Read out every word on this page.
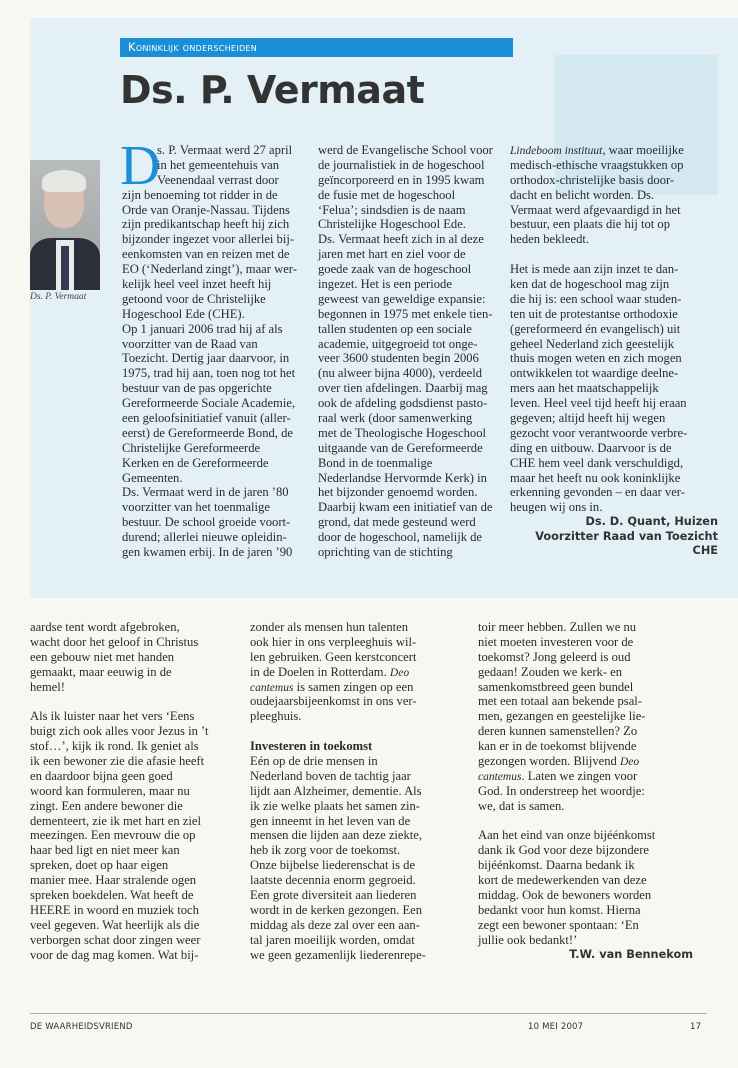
Koninklijk onderscheiden
Ds. P. Vermaat
Ds. P. Vermaat
D
s. P. Vermaat werd 27 april
in het gemeentehuis van
Veenendaal verrast door
zijn benoeming tot ridder in de
Orde van Oranje-Nassau. Tijdens
zijn predikantschap heeft hij zich
bijzonder ingezet voor allerlei bij-
eenkomsten van en reizen met de
EO (‘Nederland zingt’), maar wer-
kelijk heel veel inzet heeft hij
getoond voor de Christelijke
Hogeschool Ede (CHE).
Op 1 januari 2006 trad hij af als
voorzitter van de Raad van
Toezicht. Dertig jaar daarvoor, in
1975, trad hij aan, toen nog tot het
bestuur van de pas opgerichte
Gereformeerde Sociale Academie,
een geloofsinitiatief vanuit (aller-
eerst) de Gereformeerde Bond, de
Christelijke Gereformeerde
Kerken en de Gereformeerde
Gemeenten.
Ds. Vermaat werd in de jaren ’80
voorzitter van het toenmalige
bestuur. De school groeide voort-
durend; allerlei nieuwe opleidin-
gen kwamen erbij. In de jaren ’90
werd de Evangelische School voor
de journalistiek in de hogeschool
geïncorporeerd en in 1995 kwam
de fusie met de hogeschool
‘Felua’; sindsdien is de naam
Christelijke Hogeschool Ede.
Ds. Vermaat heeft zich in al deze
jaren met hart en ziel voor de
goede zaak van de hogeschool
ingezet. Het is een periode
geweest van geweldige expansie:
begonnen in 1975 met enkele tien-
tallen studenten op een sociale
academie, uitgegroeid tot onge-
veer 3600 studenten begin 2006
(nu alweer bijna 4000), verdeeld
over tien afdelingen. Daarbij mag
ook de afdeling godsdienst pasto-
raal werk (door samenwerking
met de Theologische Hogeschool
uitgaande van de Gereformeerde
Bond in de toenmalige
Nederlandse Hervormde Kerk) in
het bijzonder genoemd worden.
Daarbij kwam een initiatief van de
grond, dat mede gesteund werd
door de hogeschool, namelijk de
oprichting van de stichting
Lindeboom instituut, waar moeilijke
medisch-ethische vraagstukken op
orthodox-christelijke basis door-
dacht en belicht worden. Ds.
Vermaat werd afgevaardigd in het
bestuur, een plaats die hij tot op
heden bekleedt.
Het is mede aan zijn inzet te dan-
ken dat de hogeschool mag zijn
die hij is: een school waar studen-
ten uit de protestantse orthodoxie
(gereformeerd én evangelisch) uit
geheel Nederland zich geestelijk
thuis mogen weten en zich mogen
ontwikkelen tot waardige deelne-
mers aan het maatschappelijk
leven. Heel veel tijd heeft hij eraan
gegeven; altijd heeft hij wegen
gezocht voor verantwoorde verbre-
ding en uitbouw. Daarvoor is de
CHE hem veel dank verschuldigd,
maar het heeft nu ook koninklijke
erkenning gevonden – en daar ver-
heugen wij ons in.
Ds. D. Quant, Huizen
Voorzitter Raad van Toezicht
CHE
aardse tent wordt afgebroken,
wacht door het geloof in Christus
een gebouw niet met handen
gemaakt, maar eeuwig in de
hemel!
Als ik luister naar het vers ‘Eens
buigt zich ook alles voor Jezus in ’t
stof…’, kijk ik rond. Ik geniet als
ik een bewoner zie die afasie heeft
en daardoor bijna geen goed
woord kan formuleren, maar nu
zingt. Een andere bewoner die
dementeert, zie ik met hart en ziel
meezingen. Een mevrouw die op
haar bed ligt en niet meer kan
spreken, doet op haar eigen
manier mee. Haar stralende ogen
spreken boekdelen. Wat heeft de
HEERE in woord en muziek toch
veel gegeven. Wat heerlijk als die
verborgen schat door zingen weer
voor de dag mag komen. Wat bij-
zonder als mensen hun talenten
ook hier in ons verpleeghuis wil-
len gebruiken. Geen kerstconcert
in de Doelen in Rotterdam. Deo
cantemus is samen zingen op een
oudejaarsbijeenkomst in ons ver-
pleeghuis.
Investeren in toekomst
Eén op de drie mensen in
Nederland boven de tachtig jaar
lijdt aan Alzheimer, dementie. Als
ik zie welke plaats het samen zin-
gen inneemt in het leven van de
mensen die lijden aan deze ziekte,
heb ik zorg voor de toekomst.
Onze bijbelse liederenschat is de
laatste decennia enorm gegroeid.
Een grote diversiteit aan liederen
wordt in de kerken gezongen. Een
middag als deze zal over een aan-
tal jaren moeilijk worden, omdat
we geen gezamenlijk liederenrepe-
toir meer hebben. Zullen we nu
niet moeten investeren voor de
toekomst? Jong geleerd is oud
gedaan! Zouden we kerk- en
samenkomstbreed geen bundel
met een totaal aan bekende psal-
men, gezangen en geestelijke lie-
deren kunnen samenstellen? Zo
kan er in de toekomst blijvende
gezongen worden. Blijvend Deo
cantemus. Laten we zingen voor
God. In onderstreep het woordje:
we, dat is samen.
Aan het eind van onze bijéénkomst
dank ik God voor deze bijzondere
bijéénkomst. Daarna bedank ik
kort de medewerkenden van deze
middag. Ook de bewoners worden
bedankt voor hun komst. Hierna
zegt een bewoner spontaan: ‘En
jullie ook bedankt!’
T.W. van Bennekom
DE WAARHEIDSVRIEND	10 MEI 2007	17
